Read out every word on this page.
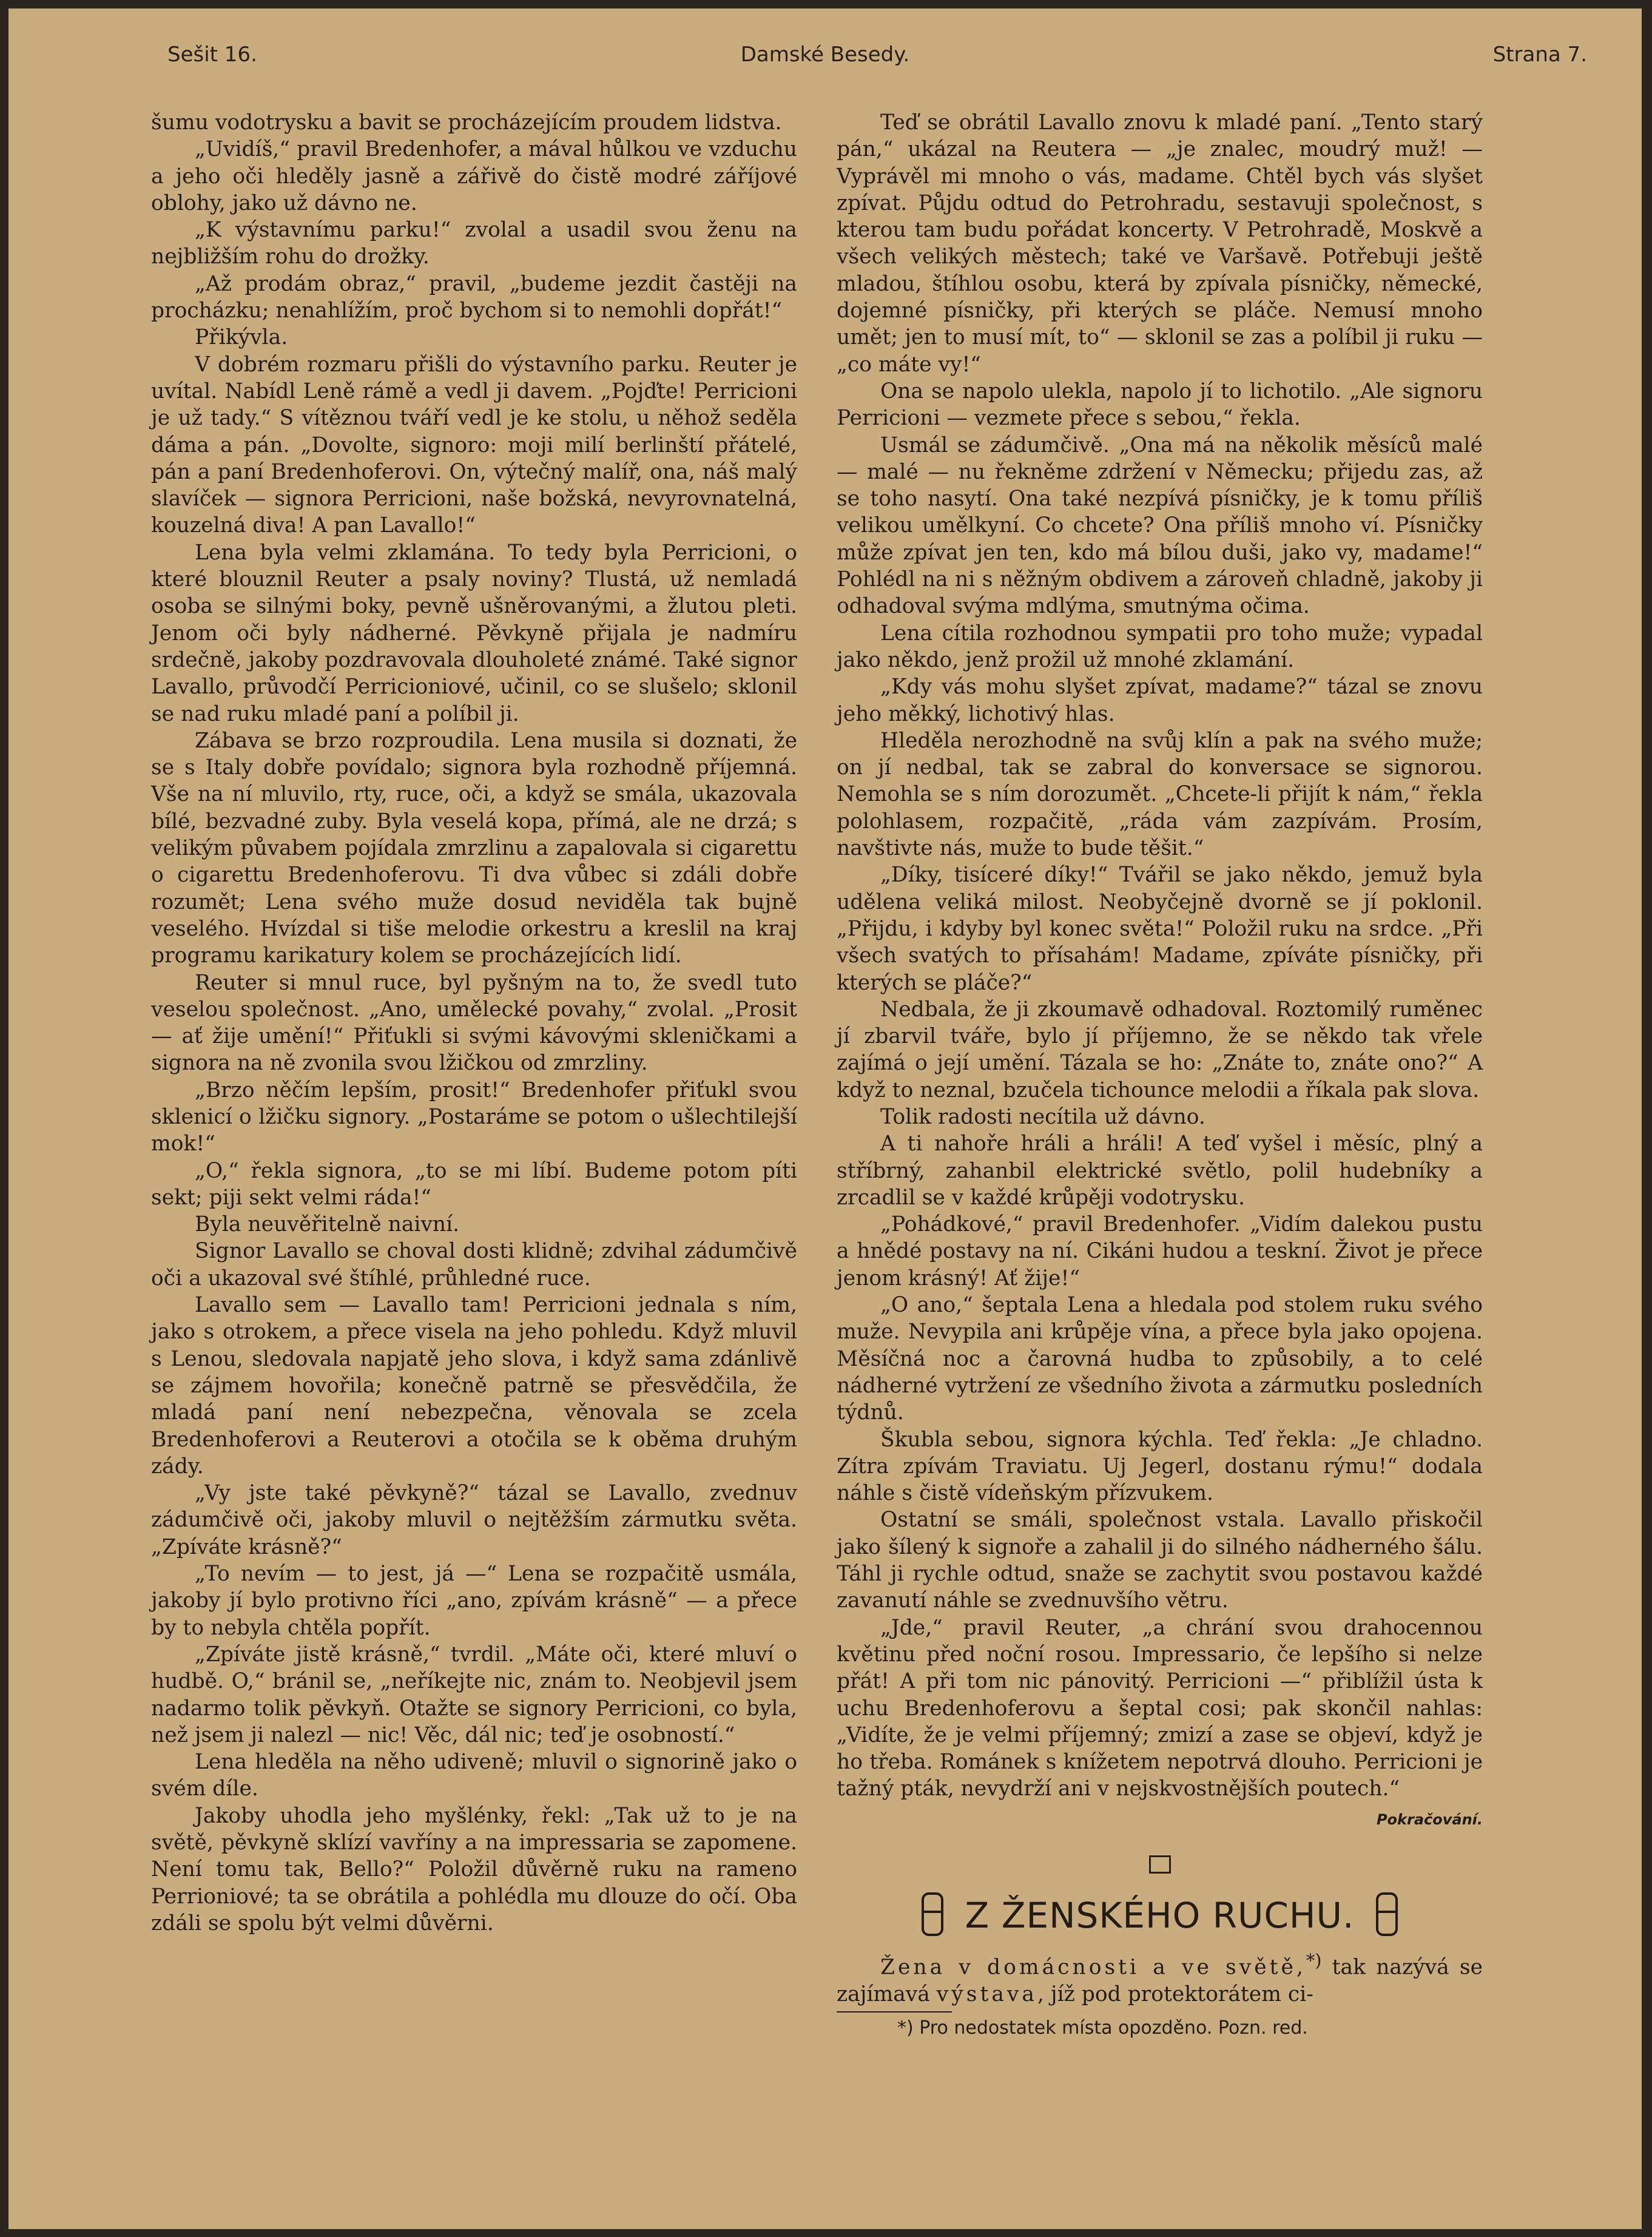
Sešit 16.	Damské Besedy.	Strana 7.

šumu vodotrysku a bavit se procházejícím proudem lidstva.

„Uvidíš,“ pravil Bredenhofer, a mával hůlkou ve vzduchu a jeho oči hleděly jasně a zářivě do čistě modré záříjové oblohy, jako už dávno ne.

„K výstavnímu parku!“ zvolal a usadil svou ženu na nejbližším rohu do drožky.

„Až prodám obraz,“ pravil, „budeme jezdit častěji na procházku; nenahlížím, proč bychom si to nemohli dopřát!“

Přikývla.

V dobrém rozmaru přišli do výstavního parku. Reuter je uvítal. Nabídl Leně rámě a vedl ji davem. „Pojďte! Perricioni je už tady.“ S vítěznou tváří vedl je ke stolu, u něhož seděla dáma a pán. „Dovolte, signoro: moji milí berlinští přátelé, pán a paní Bredenhoferovi. On, výtečný malíř, ona, náš malý slavíček — signora Perricioni, naše božská, nevyrovnatelná, kouzelná diva! A pan Lavallo!“

Lena byla velmi zklamána. To tedy byla Perricioni, o které blouznil Reuter a psaly noviny? Tlustá, už nemladá osoba se silnými boky, pevně ušněrovanými, a žlutou pleti. Jenom oči byly nádherné. Pěvkyně přijala je nadmíru srdečně, jakoby pozdravovala dlouholeté známé. Také signor Lavallo, průvodčí Perricioniové, učinil, co se slušelo; sklonil se nad ruku mladé paní a políbil ji.

Zábava se brzo rozproudila. Lena musila si doznati, že se s Italy dobře povídalo; signora byla rozhodně příjemná. Vše na ní mluvilo, rty, ruce, oči, a když se smála, ukazovala bílé, bezvadné zuby. Byla veselá kopa, přímá, ale ne drzá; s velikým půvabem pojídala zmrzlinu a zapalovala si cigarettu o cigarettu Bredenhoferovu. Ti dva vůbec si zdáli dobře rozumět; Lena svého muže dosud neviděla tak bujně veselého. Hvízdal si tiše melodie orkestru a kreslil na kraj programu karikatury kolem se procházejících lidí.

Reuter si mnul ruce, byl pyšným na to, že svedl tuto veselou společnost. „Ano, umělecké povahy,“ zvolal. „Prosit — ať žije umění!“ Přiťukli si svými kávovými skleničkami a signora na ně zvonila svou lžičkou od zmrzliny.

„Brzo něčím lepším, prosit!“ Bredenhofer přiťukl svou sklenicí o lžičku signory. „Postaráme se potom o ušlechtilejší mok!“

„O,“ řekla signora, „to se mi líbí. Budeme potom píti sekt; piji sekt velmi ráda!“

Byla neuvěřitelně naivní.

Signor Lavallo se choval dosti klidně; zdvihal zádumčivě oči a ukazoval své štíhlé, průhledné ruce.

Lavallo sem — Lavallo tam! Perricioni jednala s ním, jako s otrokem, a přece visela na jeho pohledu. Když mluvil s Lenou, sledovala napjatě jeho slova, i když sama zdánlivě se zájmem hovořila; konečně patrně se přesvědčila, že mladá paní není nebezpečna, věnovala se zcela Bredenhoferovi a Reuterovi a otočila se k oběma druhým zády.

„Vy jste také pěvkyně?“ tázal se Lavallo, zvednuv zádumčivě oči, jakoby mluvil o nejtěžším zármutku světa. „Zpíváte krásně?“

„To nevím — to jest, já —“ Lena se rozpačitě usmála, jakoby jí bylo protivno říci „ano, zpívám krásně“ — a přece by to nebyla chtěla popřít.

„Zpíváte jistě krásně,“ tvrdil. „Máte oči, které mluví o hudbě. O,“ bránil se, „neříkejte nic, znám to. Neobjevil jsem nadarmo tolik pěvkyň. Otažte se signory Perricioni, co byla, než jsem ji nalezl — nic! Věc, dál nic; teď je osobností.“

Lena hleděla na něho udiveně; mluvil o signorině jako o svém díle.

Jakoby uhodla jeho myšlénky, řekl: „Tak už to je na světě, pěvkyně sklízí vavříny a na impressaria se zapomene. Není tomu tak, Bello?“ Položil důvěrně ruku na rameno Perrioniové; ta se obrátila a pohlédla mu dlouze do očí. Oba zdáli se spolu být velmi důvěrni.

Teď se obrátil Lavallo znovu k mladé paní. „Tento starý pán,“ ukázal na Reutera — „je znalec, moudrý muž! — Vyprávěl mi mnoho o vás, madame. Chtěl bych vás slyšet zpívat. Půjdu odtud do Petrohradu, sestavuji společnost, s kterou tam budu pořádat koncerty. V Petrohradě, Moskvě a všech velikých městech; také ve Varšavě. Potřebuji ještě mladou, štíhlou osobu, která by zpívala písničky, německé, dojemné písničky, při kterých se pláče. Nemusí mnoho umět; jen to musí mít, to“ — sklonil se zas a políbil ji ruku — „co máte vy!“

Ona se napolo ulekla, napolo jí to lichotilo. „Ale signoru Perricioni — vezmete přece s sebou,“ řekla.

Usmál se zádumčivě. „Ona má na několik měsíců malé — malé — nu řekněme zdržení v Německu; přijedu zas, až se toho nasytí. Ona také nezpívá písničky, je k tomu příliš velikou umělkyní. Co chcete? Ona příliš mnoho ví. Písničky může zpívat jen ten, kdo má bílou duši, jako vy, madame!“ Pohlédl na ni s něžným obdivem a zároveň chladně, jakoby ji odhadoval svýma mdlýma, smutnýma očima.

Lena cítila rozhodnou sympatii pro toho muže; vypadal jako někdo, jenž prožil už mnohé zklamání.

„Kdy vás mohu slyšet zpívat, madame?“ tázal se znovu jeho měkký, lichotivý hlas.

Hleděla nerozhodně na svůj klín a pak na svého muže; on jí nedbal, tak se zabral do konversace se signorou. Nemohla se s ním dorozumět. „Chcete-li přijít k nám,“ řekla polohlasem, rozpačitě, „ráda vám zazpívám. Prosím, navštivte nás, muže to bude těšit.“

„Díky, tisíceré díky!“ Tvářil se jako někdo, jemuž byla udělena veliká milost. Neobyčejně dvorně se jí poklonil. „Přijdu, i kdyby byl konec světa!“ Položil ruku na srdce. „Při všech svatých to přísahám! Madame, zpíváte písničky, při kterých se pláče?“

Nedbala, že ji zkoumavě odhadoval. Roztomilý ruměnec jí zbarvil tváře, bylo jí příjemno, že se někdo tak vřele zajímá o její umění. Tázala se ho: „Znáte to, znáte ono?“ A když to neznal, bzučela tichounce melodii a říkala pak slova.

Tolik radosti necítila už dávno.

A ti nahoře hráli a hráli! A teď vyšel i měsíc, plný a stříbrný, zahanbil elektrické světlo, polil hudebníky a zrcadlil se v každé krůpěji vodotrysku.

„Pohádkové,“ pravil Bredenhofer. „Vidím dalekou pustu a hnědé postavy na ní. Cikáni hudou a teskní. Život je přece jenom krásný! Ať žije!“

„O ano,“ šeptala Lena a hledala pod stolem ruku svého muže. Nevypila ani krůpěje vína, a přece byla jako opojena. Měsíčná noc a čarovná hudba to způsobily, a to celé nádherné vytržení ze všedního života a zármutku posledních týdnů.

Škubla sebou, signora kýchla. Teď řekla: „Je chladno. Zítra zpívám Traviatu. Uj Jegerl, dostanu rýmu!“ dodala náhle s čistě vídeňským přízvukem.

Ostatní se smáli, společnost vstala. Lavallo přiskočil jako šílený k signoře a zahalil ji do silného nádherného šálu. Táhl ji rychle odtud, snaže se zachytit svou postavou každé zavanutí náhle se zvednuvšího větru.

„Jde,“ pravil Reuter, „a chrání svou drahocennou květinu před noční rosou. Impressario, če lepšího si nelze přát! A při tom nic pánovitý. Perricioni —“ přiblížil ústa k uchu Bredenhoferovu a šeptal cosi; pak skončil nahlas: „Vidíte, že je velmi příjemný; zmizí a zase se objeví, když je ho třeba. Románek s knížetem nepotrvá dlouho. Perricioni je tažný pták, nevydrží ani v nejskvostnějších poutech.“

Pokračování.
Z ŽENSKÉHO RUCHU.

Žena v domácnosti a ve světě,*) tak nazývá se zajímavá výstava, jíž pod protektorátem ci-

*) Pro nedostatek místa opozděno. Pozn. red.
